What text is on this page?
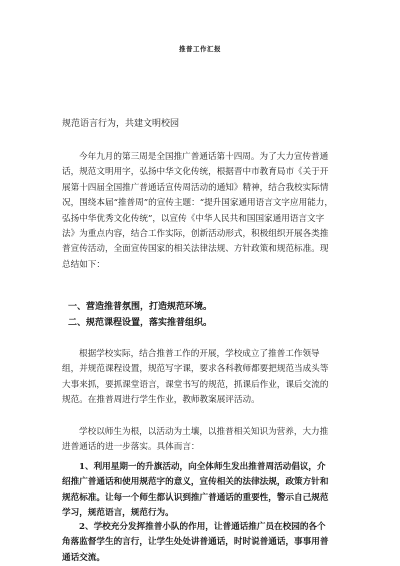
推普工作汇报
规范语言行为，共建文明校园
今年九月的第三周是全国推广普通话第十四周。为了大力宣传普通话，规范文明用字，弘扬中华文化传统，根据晋中市教育局市《关于开展第十四届全国推广普通话宣传周活动的通知》精神，结合我校实际情况，围绕本届“推普周”的宣传主题：“提升国家通用语言文字应用能力，弘扬中华优秀文化传统”，以宣传《中华人民共和国国家通用语言文字法》为重点内容，结合工作实际，创新活动形式，积极组织开展各类推普宣传活动，全面宣传国家的相关法律法规、方针政策和规范标准。现总结如下：
一、营造推普氛围，打造规范环境。
二、规范课程设置，落实推普组织。
根据学校实际，结合推普工作的开展，学校成立了推普工作领导组，并规范课程设置，规范写字课，要求各科教师都要把规范当成头等大事来抓，要抓课堂语言，课堂书写的规范，抓课后作业，课后交流的规范。在推普周进行学生作业，教师教案展评活动。
学校以师生为根，以活动为土壤，以推普相关知识为营养，大力推进普通话的进一步落实。具体而言：
1、利用星期一的升旗活动，向全体师生发出推普周活动倡议，介绍推广普通话和使用规范字的意义，宣传相关的法律法规，政策方针和规范标准。让每一个师生都认识到推广普通话的重要性，警示自己规范学习，规范语言，规范行为。
2、学校充分发挥推普小队的作用，让普通话推广员在校园的各个角落监督学生的言行，让学生处处讲普通话，时时说普通话，事事用普通话交流。
